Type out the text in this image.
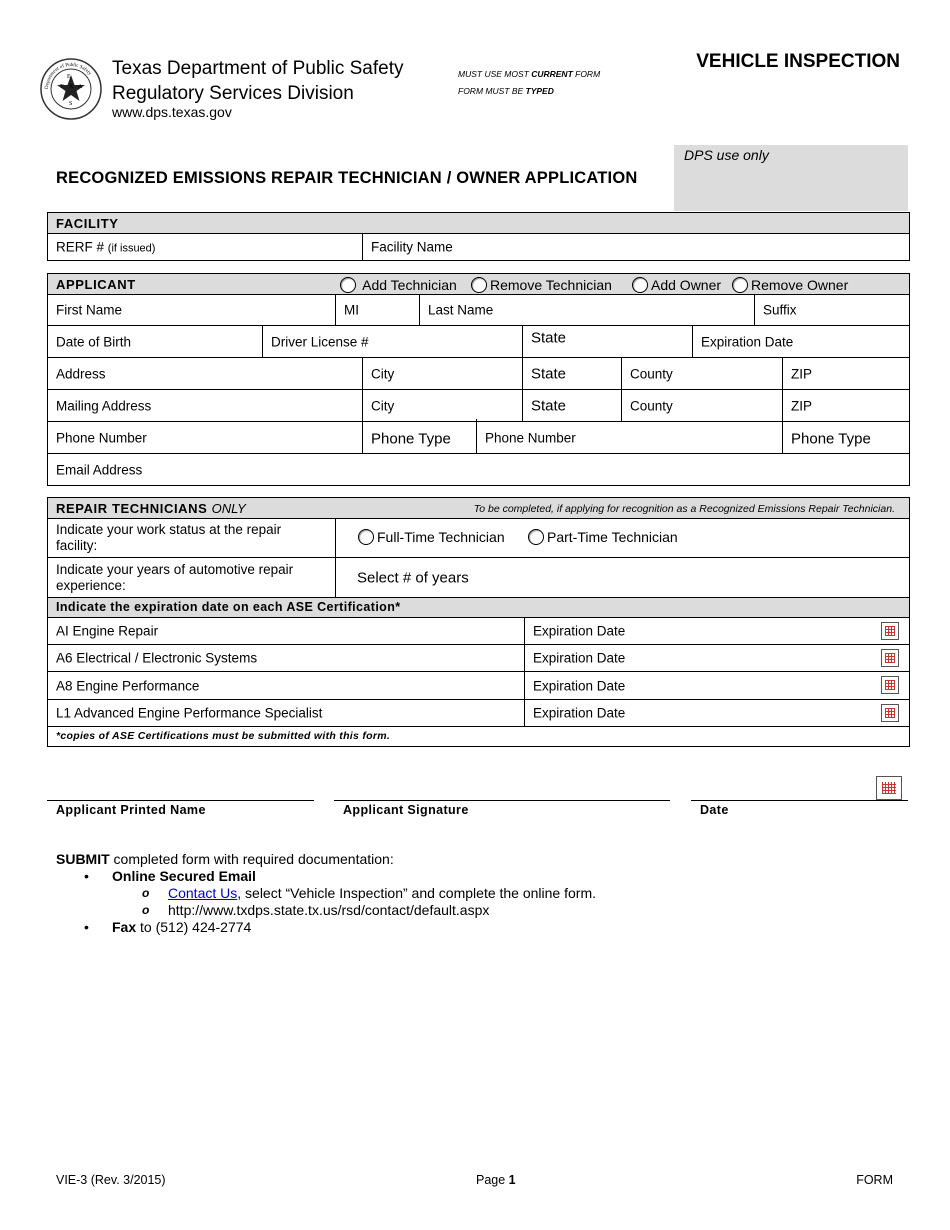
T
E
X A
S
Department of Public Safety Texas Department of Public Safety
Regulatory Services Division
www.dps.texas.gov
MUST USE MOST CURRENT FORM
FORM MUST BE TYPED
VEHICLE INSPECTION
DPS use only
RECOGNIZED EMISSIONS REPAIR TECHNICIAN / OWNER APPLICATION
FACILITY
RERF # (if issued)	Facility Name
APPLICANT	Add Technician	Remove Technician	Add Owner	Remove Owner
First Name	MI	Last Name	Suffix
Date of Birth	Driver License #	State	Expiration Date
Address	City	State	County	ZIP
Mailing Address	City	State	County	ZIP
Phone Number	Phone Type	Phone Number	Phone Type
Email Address
REPAIR TECHNICIANS ONLY	To be completed, if applying for recognition as a Recognized Emissions Repair Technician.
Indicate your work status at the repair facility:
Full-Time Technician	Part-Time Technician
Indicate your years of automotive repair experience:	Select # of years
Indicate the expiration date on each ASE Certification*
AI Engine Repair	Expiration Date
A6 Electrical / Electronic Systems	Expiration Date
A8 Engine Performance	Expiration Date
L1 Advanced Engine Performance Specialist	Expiration Date
*copies of ASE Certifications must be submitted with this form.
Applicant Printed Name	Applicant Signature	Date
SUBMIT completed form with required documentation:
• Online Secured Email
o Contact Us, select “Vehicle Inspection” and complete the online form.
o http://www.txdps.state.tx.us/rsd/contact/default.aspx
• Fax to (512) 424-2774
VIE-3 (Rev. 3/2015)	Page 1	FORM
